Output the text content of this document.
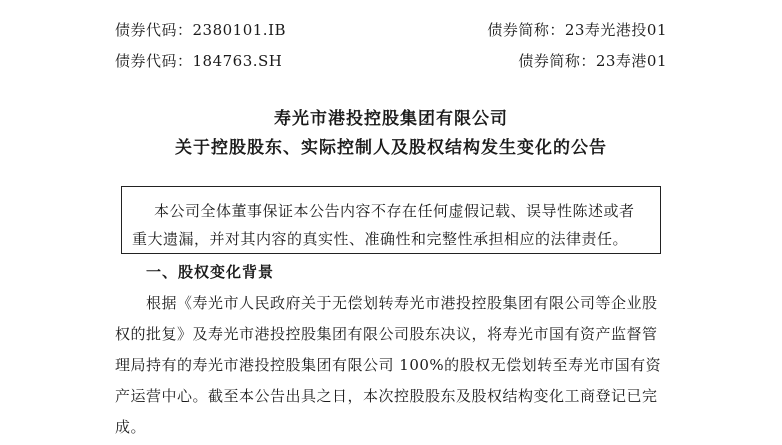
债券代码：2380101.IB	债券简称：23寿光港投01
债券代码：184763.SH	债券简称：23寿港01
寿光市港投控股集团有限公司
关于控股股东、实际控制人及股权结构发生变化的公告
本公司全体董事保证本公告内容不存在任何虚假记载、误导性陈述或者
重大遗漏，并对其内容的真实性、准确性和完整性承担相应的法律责任。
一、股权变化背景
根据《寿光市人民政府关于无偿划转寿光市港投控股集团有限公司等企业股
权的批复》及寿光市港投控股集团有限公司股东决议，将寿光市国有资产监督管
理局持有的寿光市港投控股集团有限公司 100%的股权无偿划转至寿光市国有资
产运营中心。截至本公告出具之日，本次控股股东及股权结构变化工商登记已完
成。
